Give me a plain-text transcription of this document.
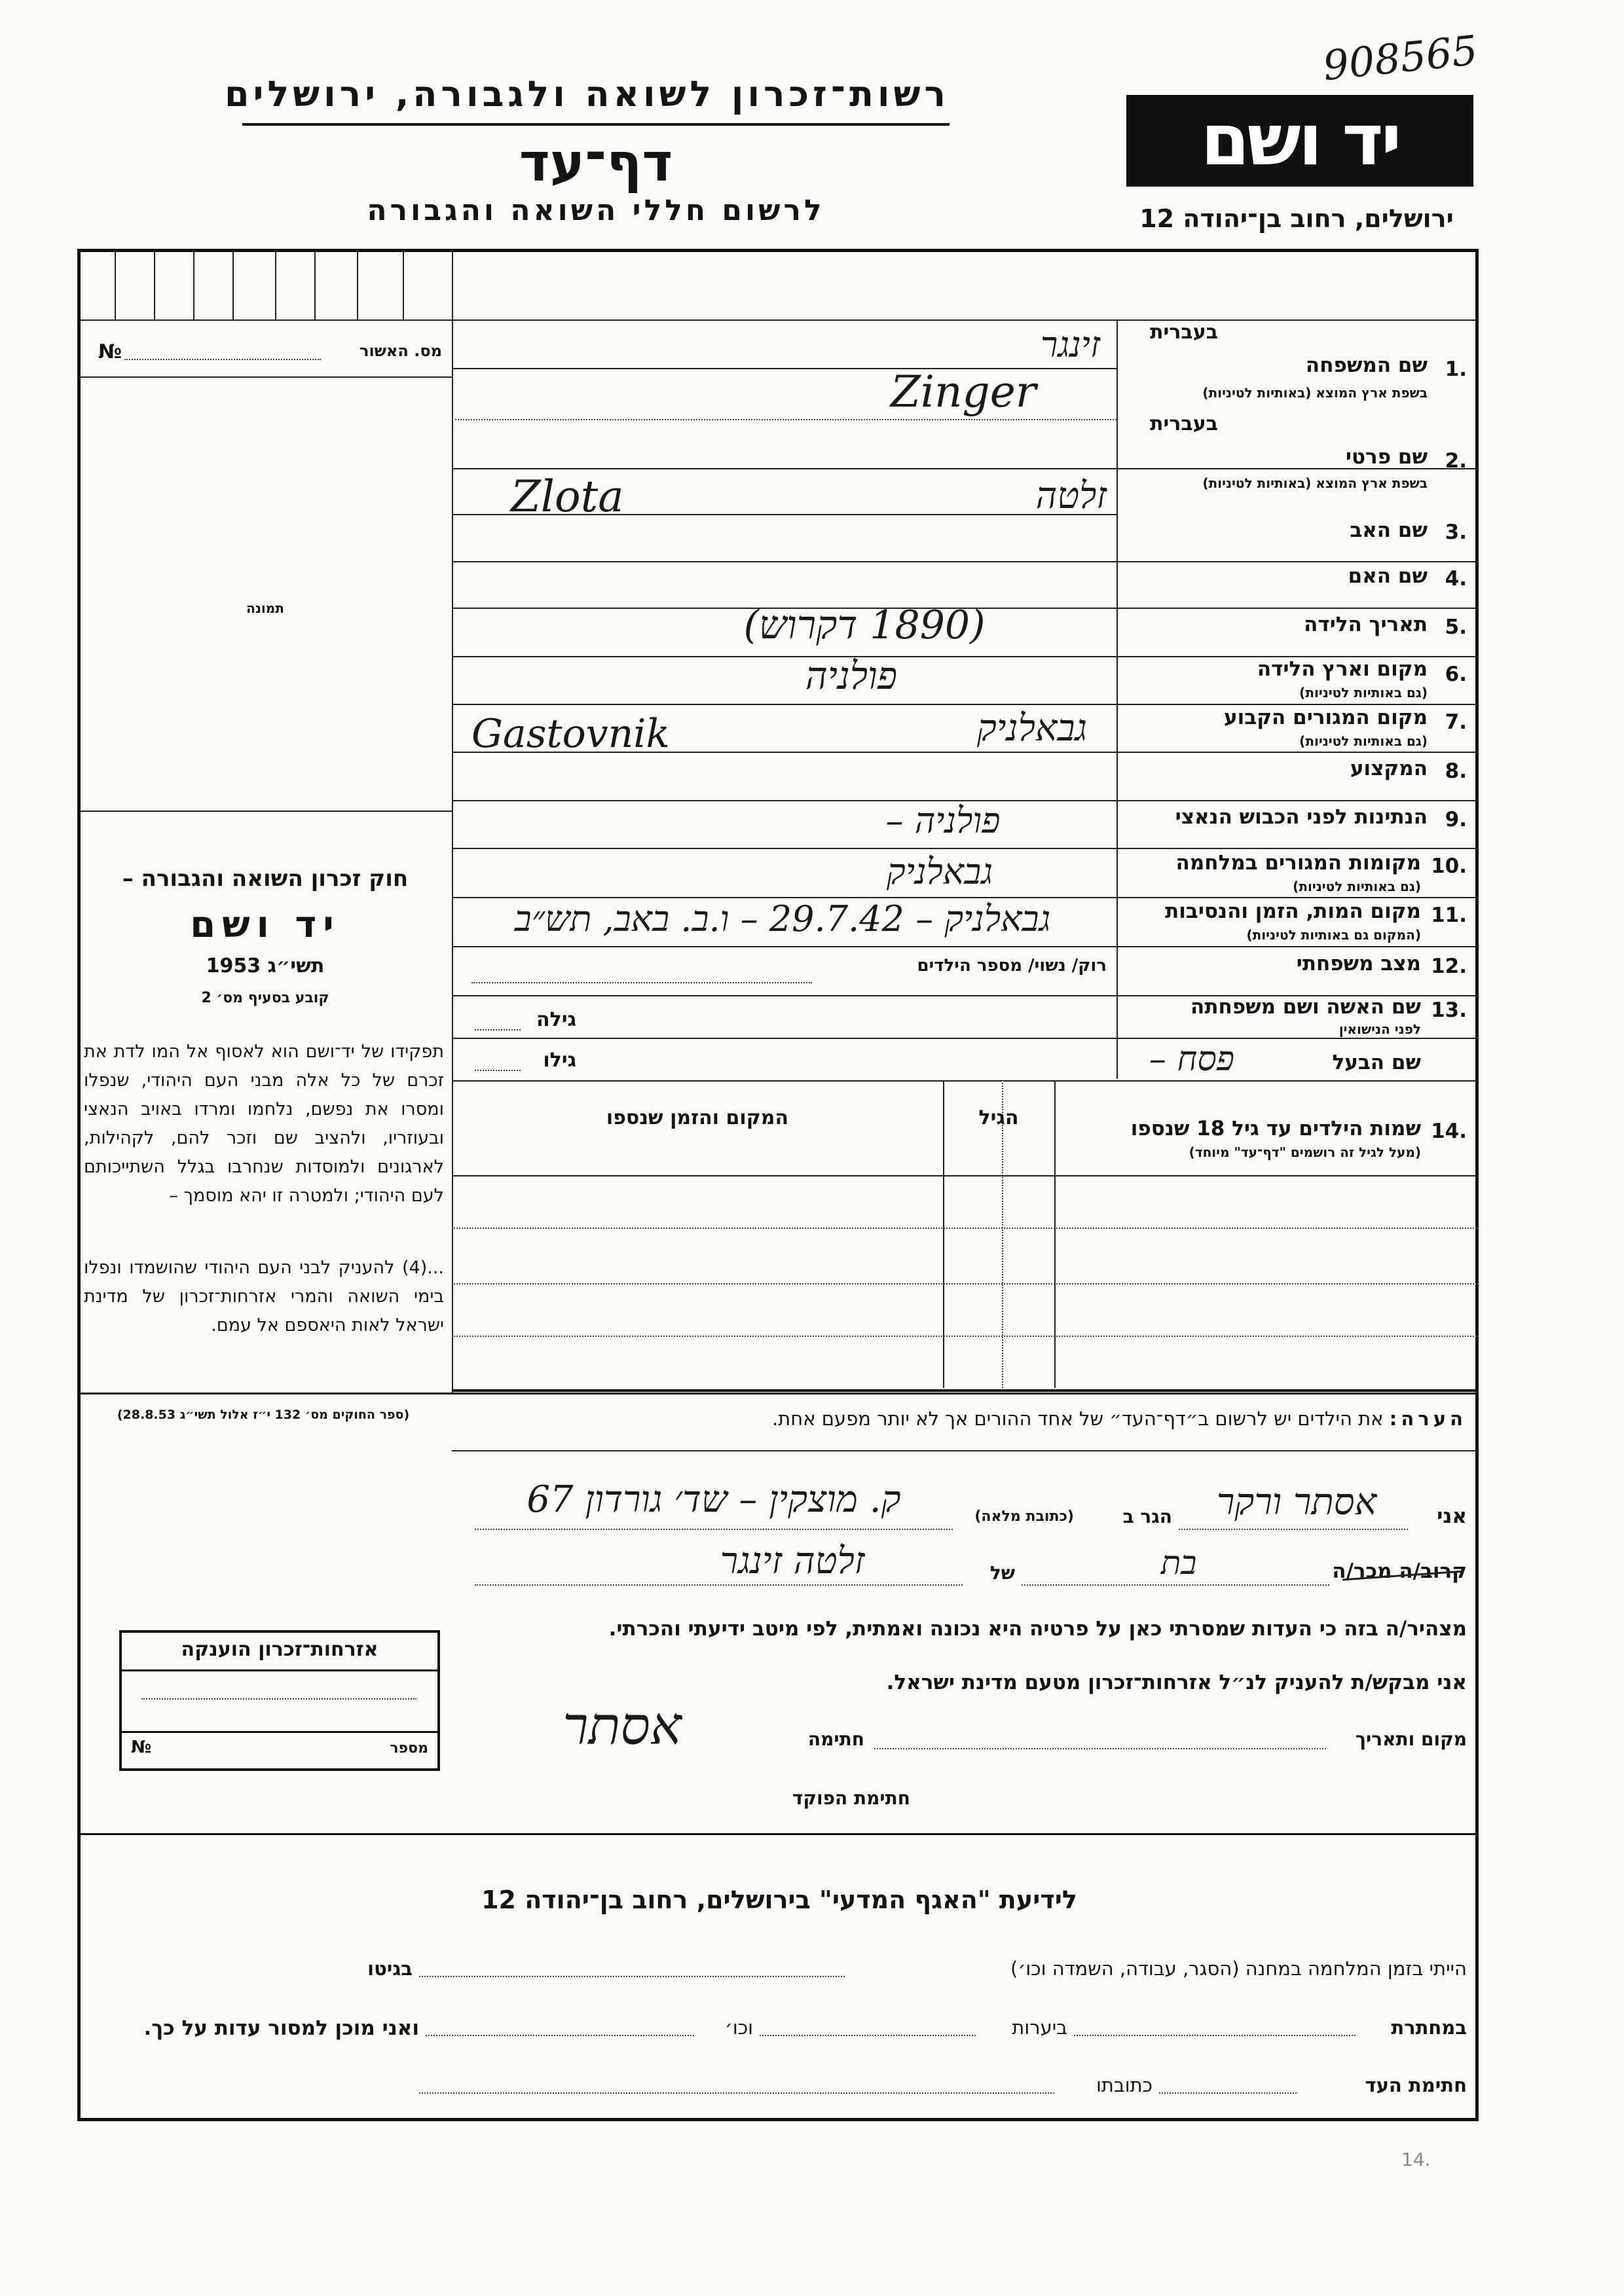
908565
רשות־זכרון לשואה ולגבורה, ירושלים
דף־עד
לרשום חללי השואה והגבורה
יד ושם
ירושלים, רחוב בן־יהודה 12
№	מס. האשור
תמונה
חוק זכרון השואה והגבורה –
יד ושם
תשי״ג 1953
קובע בסעיף מס׳ 2
תפקידו של יד־ושם הוא לאסוף אל המו לדת את זכרם של כל אלה מבני העם היהודי, שנפלו ומסרו את נפשם, נלחמו ומרדו באויב הנאצי ובעוזריו, ולהציב שם וזכר להם, לקהילות, לארגונים ולמוסדות שנחרבו בגלל השתייכותם לעם היהודי; ולמטרה זו יהא מוסמך –
...(4) להעניק לבני העם היהודי שהושמדו ונפלו בימי השואה והמרי אזרחות־זכרון של מדינת ישראל לאות היאספם אל עמם.
(ספר החוקים מס׳ 132 י״ז אלול תשי״ג 28.8.53)
בעברית
1.
שם המשפחה
בשפת ארץ המוצא (באותיות לטיניות)
זינגר
Zinger
בעברית
2.
שם פרטי
בשפת ארץ המוצא (באותיות לטיניות)
זלטה
Zlota
3.
שם האב
4.
שם האם
5.
תאריך הלידה
(1890 דקרוש)
6.
מקום וארץ הלידה
(גם באותיות לטיניות)
פולניה
7.
מקום המגורים הקבוע
(גם באותיות לטיניות)
גבאלניק
Gastovnik
8.
המקצוע
9.
הנתינות לפני הכבוש הנאצי
פולניה –
10.
מקומות המגורים במלחמה
(גם באותיות לטיניות)
גבאלניק
11.
מקום המות, הזמן והנסיבות
(המקום גם באותיות לטיניות)
גבאלניק – 29.7.42 – ו.ב. באב, תש״ב
12.
מצב משפחתי
רוק/ נשוי/ מספר הילדים
13.
שם האשה ושם משפחתה
לפני הנישואין
גילה
שם הבעל
פסח –
גילו
14.
שמות הילדים עד גיל 18 שנספו
(מעל לגיל זה רושמים "דף־עד" מיוחד)
הגיל
המקום והזמן שנספו
הערה: את הילדים יש לרשום ב״דף־העד״ של אחד ההורים אך לא יותר מפעם אחת.
אני
אסתר ורקר
הגר ב
(כתובת מלאה)
ק. מוצקין – שד׳ גורדון 67
קרוב/ה מכר/ה
בת
של
זלטה זינגר
מצהיר/ה בזה כי העדות שמסרתי כאן על פרטיה היא נכונה ואמתית, לפי מיטב ידיעתי והכרתי.
אני מבקש/ת להעניק לנ״ל אזרחות־זכרון מטעם מדינת ישראל.
מקום ותאריך
חתימה
אסתר
חתימת הפוקד
אזרחות־זכרון הוענקה
מספר
№
לידיעת "האגף המדעי" בירושלים, רחוב בן־יהודה 12
הייתי בזמן המלחמה במחנה (הסגר, עבודה, השמדה וכו׳)
בגיטו
במחתרת
ביערות
וכו׳
ואני מוכן למסור עדות על כך.
חתימת העד
כתובתו
14.
